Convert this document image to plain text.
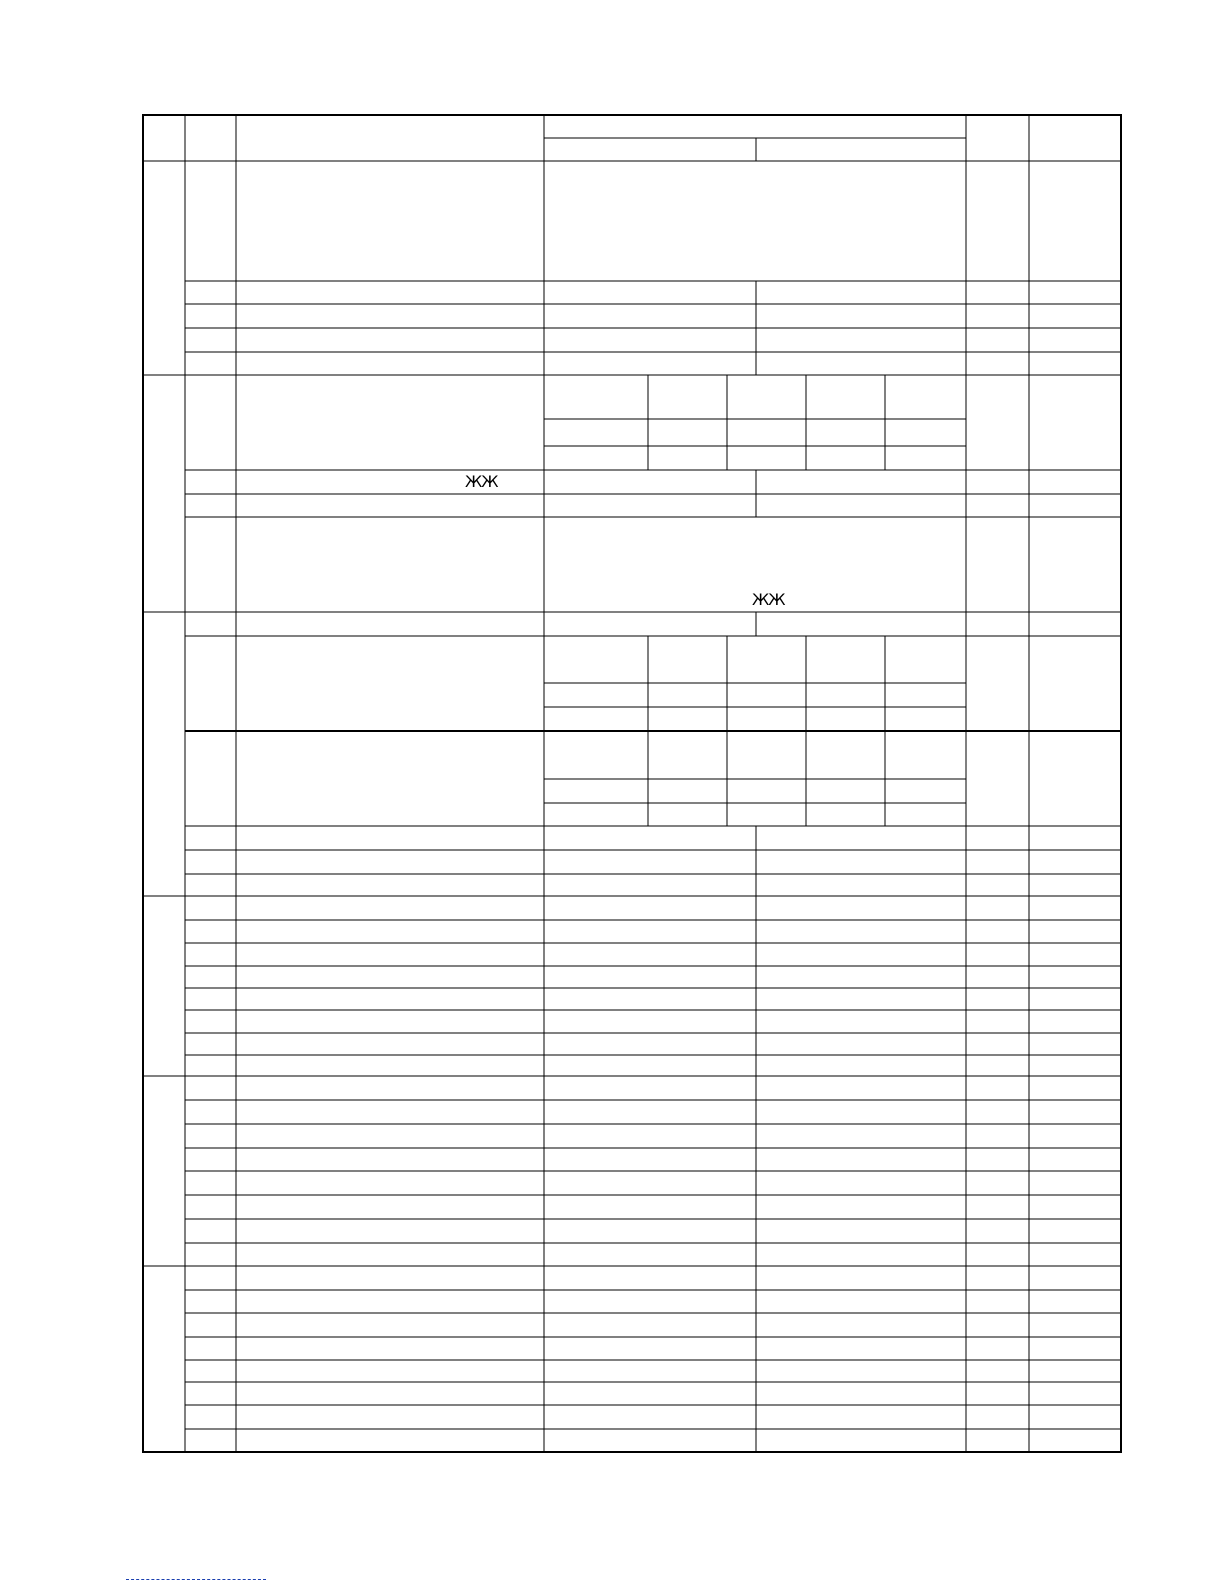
ЖЖ
ЖЖ
